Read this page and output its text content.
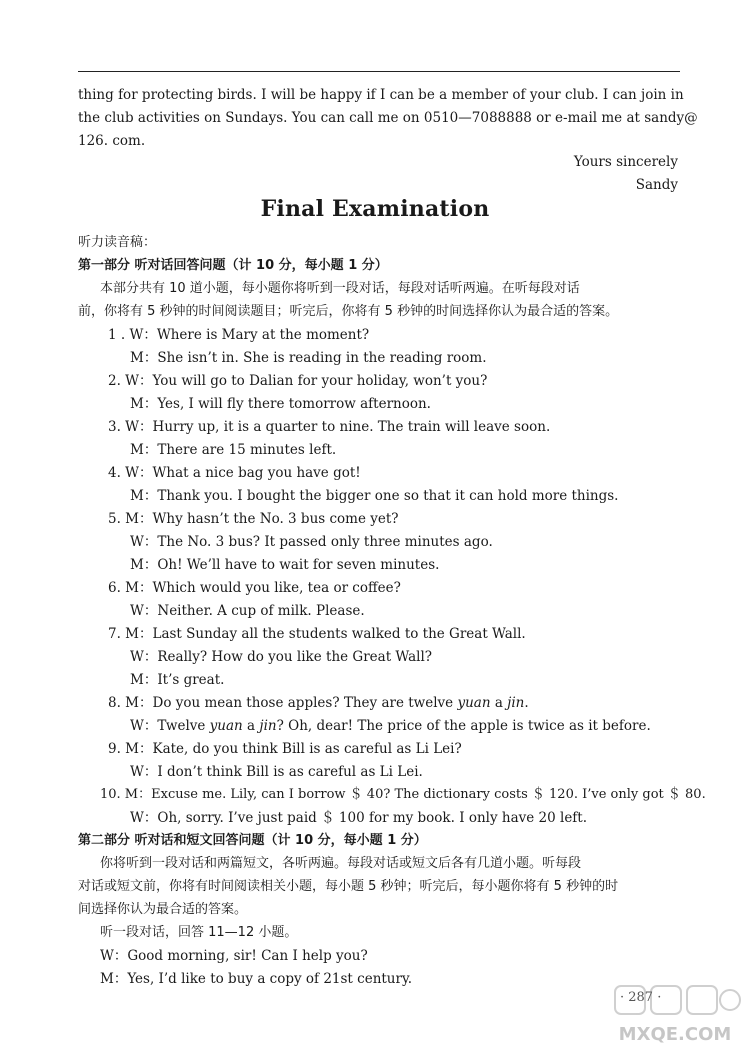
thing for protecting birds. I will be happy if I can be a member of your club. I can join in
the club activities on Sundays. You can call me on 0510—7088888 or e-mail me at sandy@
126. com.
Yours sincerely
Sandy
Final Examination
听力读音稿：
第一部分 听对话回答问题（计 10 分，每小题 1 分）
本部分共有 10 道小题，每小题你将听到一段对话，每段对话听两遍。在听每段对话
前，你将有 5 秒钟的时间阅读题目；听完后，你将有 5 秒钟的时间选择你认为最合适的答案。
1 . W：Where is Mary at the moment?
M：She isn’t in. She is reading in the reading room.
2. W：You will go to Dalian for your holiday, won’t you?
M：Yes, I will fly there tomorrow afternoon.
3. W：Hurry up, it is a quarter to nine. The train will leave soon.
M：There are 15 minutes left.
4. W：What a nice bag you have got!
M：Thank you. I bought the bigger one so that it can hold more things.
5. M：Why hasn’t the No. 3 bus come yet?
W：The No. 3 bus? It passed only three minutes ago.
M：Oh! We’ll have to wait for seven minutes.
6. M：Which would you like, tea or coffee?
W：Neither. A cup of milk. Please.
7. M：Last Sunday all the students walked to the Great Wall.
W：Really? How do you like the Great Wall?
M：It’s great.
8. M：Do you mean those apples? They are twelve yuan a jin.
W：Twelve yuan a jin? Oh, dear! The price of the apple is twice as it before.
9. M：Kate, do you think Bill is as careful as Li Lei?
W：I don’t think Bill is as careful as Li Lei.
10. M：Excuse me. Lily, can I borrow ＄ 40? The dictionary costs ＄ 120. I’ve only got ＄ 80.
W：Oh, sorry. I’ve just paid ＄ 100 for my book. I only have 20 left.
第二部分 听对话和短文回答问题（计 10 分，每小题 1 分）
你将听到一段对话和两篇短文，各听两遍。每段对话或短文后各有几道小题。听每段
对话或短文前，你将有时间阅读相关小题，每小题 5 秒钟；听完后，每小题你将有 5 秒钟的时
间选择你认为最合适的答案。
听一段对话，回答 11—12 小题。
W：Good morning, sir! Can I help you?
M：Yes, I’d like to buy a copy of 21st century.
· 287 ·
MXQE.COM
